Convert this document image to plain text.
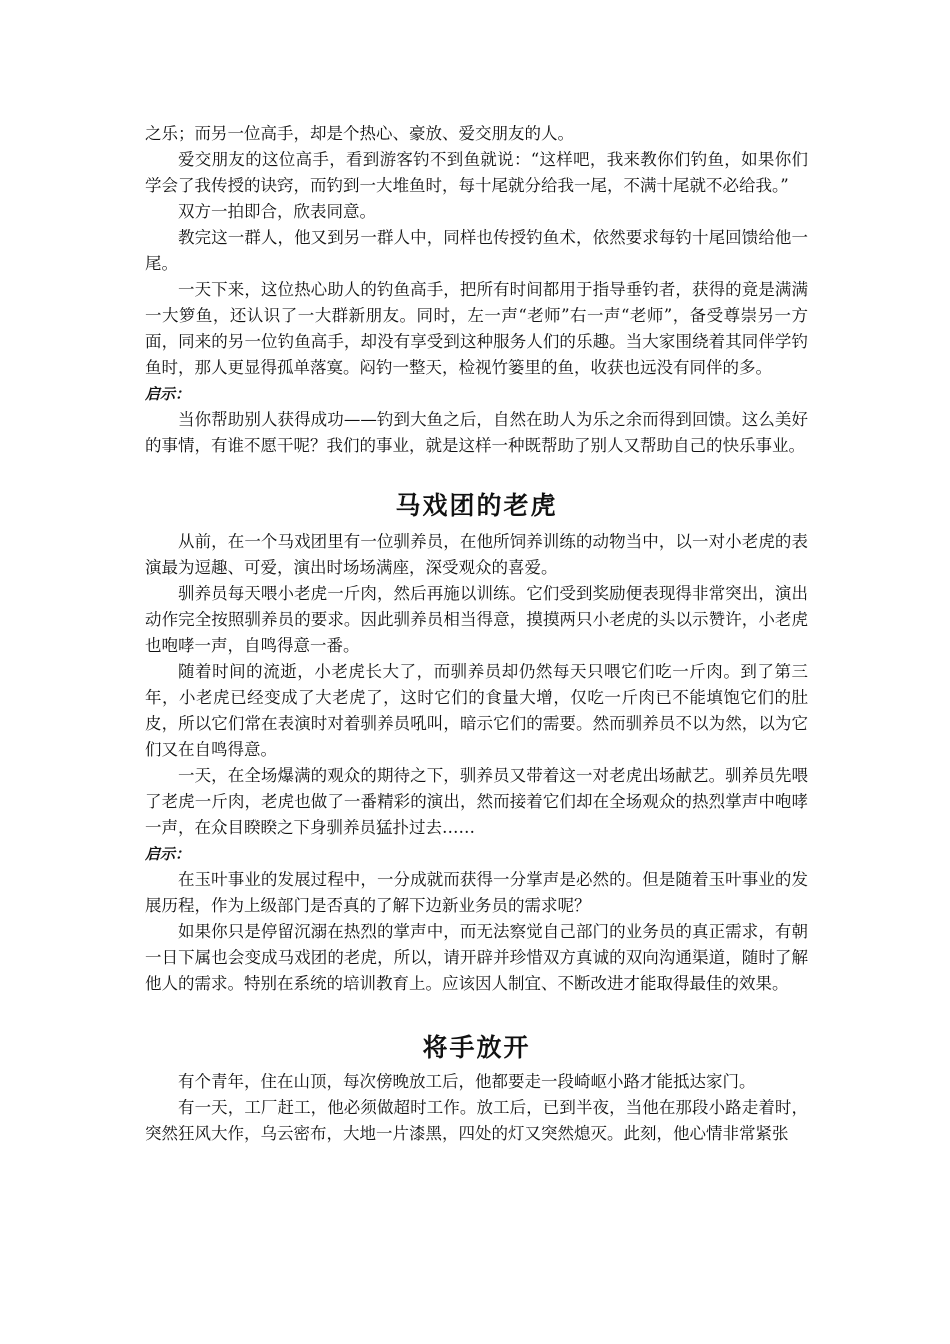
之乐；而另一位高手，却是个热心、豪放、爱交朋友的人。

爱交朋友的这位高手，看到游客钓不到鱼就说：“这样吧，我来教你们钓鱼，如果你们学会了我传授的诀窍，而钓到一大堆鱼时，每十尾就分给我一尾，不满十尾就不必给我。”

双方一拍即合，欣表同意。

教完这一群人，他又到另一群人中，同样也传授钓鱼术，依然要求每钓十尾回馈给他一尾。

一天下来，这位热心助人的钓鱼高手，把所有时间都用于指导垂钓者，获得的竟是满满一大箩鱼，还认识了一大群新朋友。同时，左一声“老师”右一声“老师”，备受尊崇另一方面，同来的另一位钓鱼高手，却没有享受到这种服务人们的乐趣。当大家围绕着其同伴学钓鱼时，那人更显得孤单落寞。闷钓一整天，检视竹篓里的鱼，收获也远没有同伴的多。

启示：

当你帮助别人获得成功——钓到大鱼之后，自然在助人为乐之余而得到回馈。这么美好的事情，有谁不愿干呢？我们的事业，就是这样一种既帮助了别人又帮助自己的快乐事业。

马戏团的老虎

从前，在一个马戏团里有一位驯养员，在他所饲养训练的动物当中，以一对小老虎的表演最为逗趣、可爱，演出时场场满座，深受观众的喜爱。

驯养员每天喂小老虎一斤肉，然后再施以训练。它们受到奖励便表现得非常突出，演出动作完全按照驯养员的要求。因此驯养员相当得意，摸摸两只小老虎的头以示赞许，小老虎也咆哮一声，自鸣得意一番。

随着时间的流逝，小老虎长大了，而驯养员却仍然每天只喂它们吃一斤肉。到了第三年，小老虎已经变成了大老虎了，这时它们的食量大增，仅吃一斤肉已不能填饱它们的肚皮，所以它们常在表演时对着驯养员吼叫，暗示它们的需要。然而驯养员不以为然，以为它们又在自鸣得意。

一天，在全场爆满的观众的期待之下，驯养员又带着这一对老虎出场献艺。驯养员先喂了老虎一斤肉，老虎也做了一番精彩的演出，然而接着它们却在全场观众的热烈掌声中咆哮一声，在众目睽睽之下身驯养员猛扑过去……

启示：

在玉叶事业的发展过程中，一分成就而获得一分掌声是必然的。但是随着玉叶事业的发展历程，作为上级部门是否真的了解下边新业务员的需求呢？

如果你只是停留沉溺在热烈的掌声中，而无法察觉自己部门的业务员的真正需求，有朝一日下属也会变成马戏团的老虎，所以，请开辟并珍惜双方真诚的双向沟通渠道，随时了解他人的需求。特别在系统的培训教育上。应该因人制宜、不断改进才能取得最佳的效果。

将手放开

有个青年，住在山顶，每次傍晚放工后，他都要走一段崎岖小路才能抵达家门。

有一天，工厂赶工，他必须做超时工作。放工后，已到半夜，当他在那段小路走着时，突然狂风大作，乌云密布，大地一片漆黑，四处的灯又突然熄灭。此刻，他心情非常紧张
